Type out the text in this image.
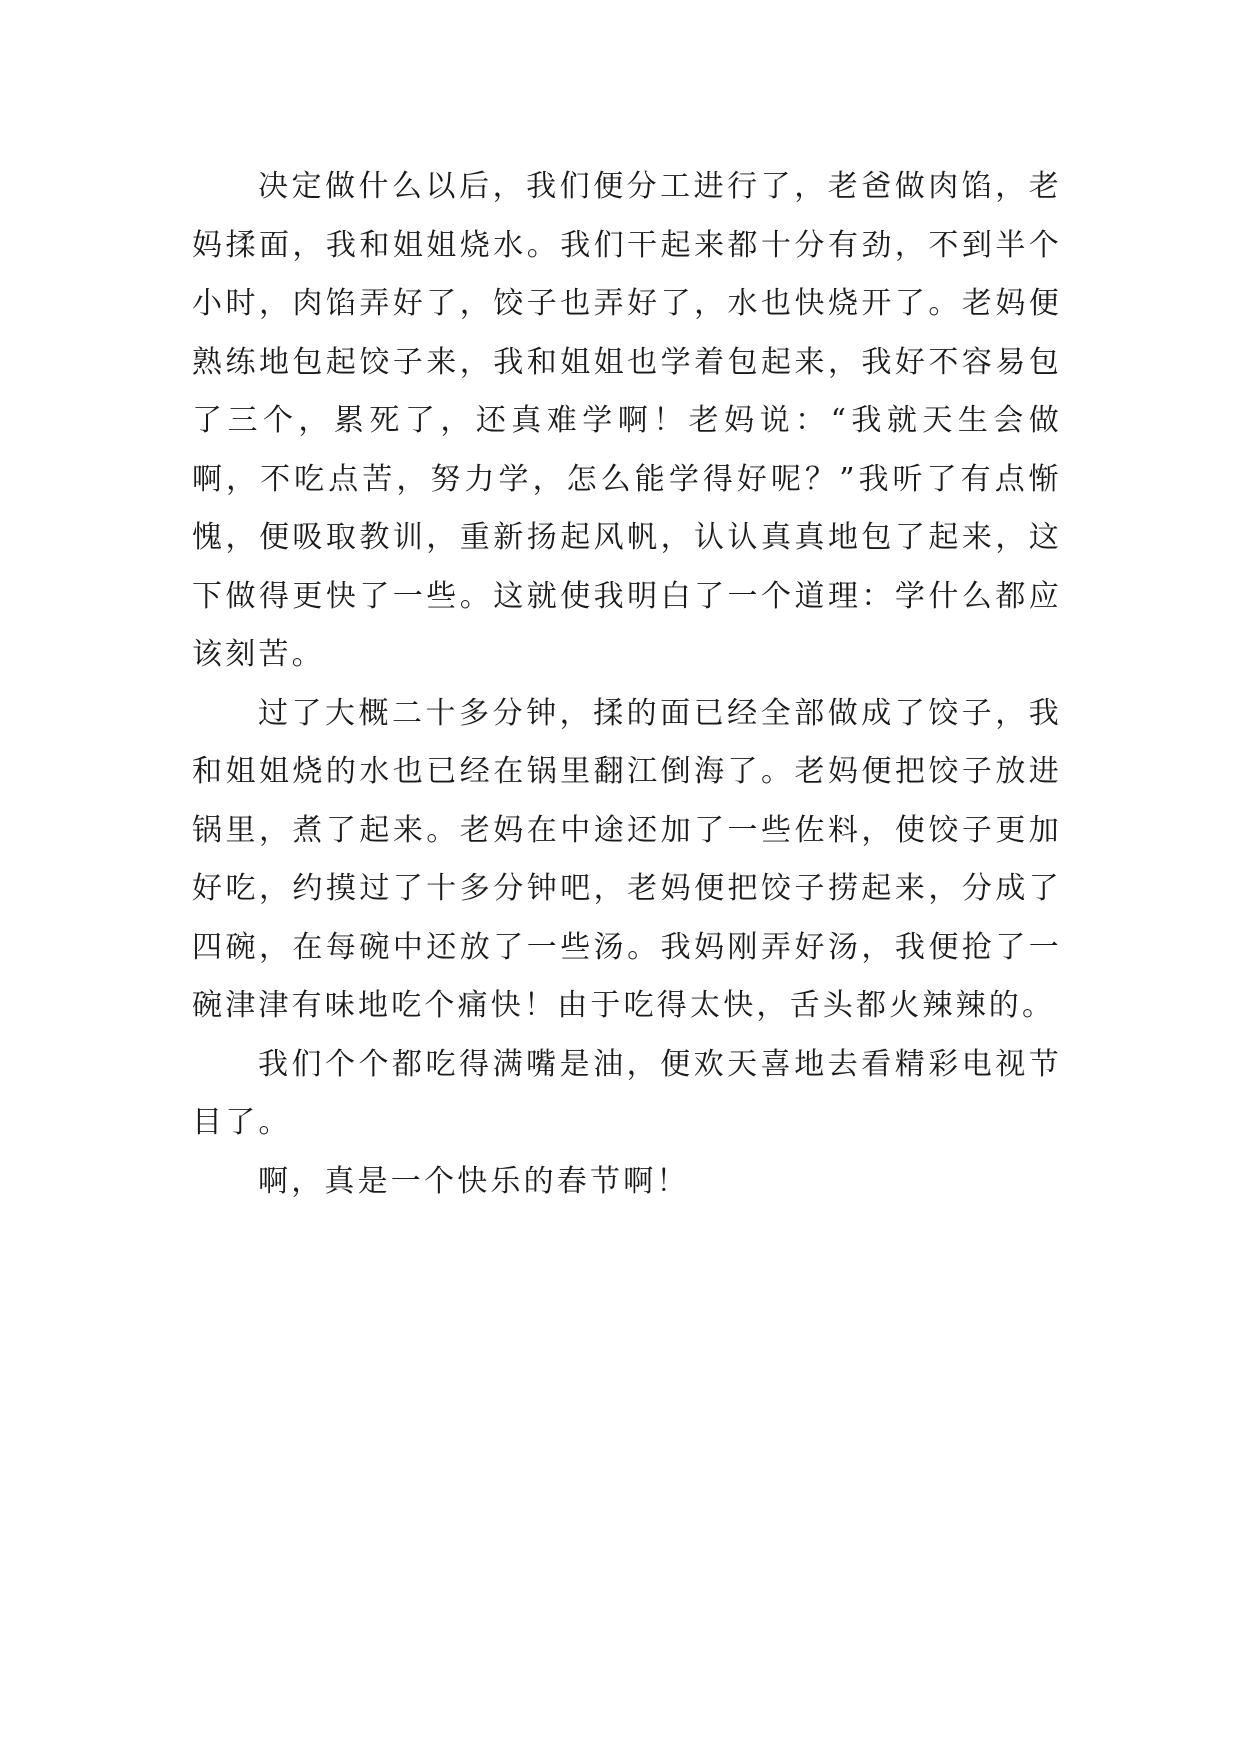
决定做什么以后，我们便分工进行了，老爸做肉馅，老妈揉面，我和姐姐烧水。我们干起来都十分有劲，不到半个小时，肉馅弄好了，饺子也弄好了，水也快烧开了。老妈便熟练地包起饺子来，我和姐姐也学着包起来，我好不容易包了三个，累死了，还真难学啊！老妈说：“我就天生会做啊，不吃点苦，努力学，怎么能学得好呢？”我听了有点惭愧，便吸取教训，重新扬起风帆，认认真真地包了起来，这下做得更快了一些。这就使我明白了一个道理：学什么都应该刻苦。

过了大概二十多分钟，揉的面已经全部做成了饺子，我和姐姐烧的水也已经在锅里翻江倒海了。老妈便把饺子放进锅里，煮了起来。老妈在中途还加了一些佐料，使饺子更加好吃，约摸过了十多分钟吧，老妈便把饺子捞起来，分成了四碗，在每碗中还放了一些汤。我妈刚弄好汤，我便抢了一碗津津有味地吃个痛快！由于吃得太快，舌头都火辣辣的。

我们个个都吃得满嘴是油，便欢天喜地去看精彩电视节目了。

啊，真是一个快乐的春节啊！
